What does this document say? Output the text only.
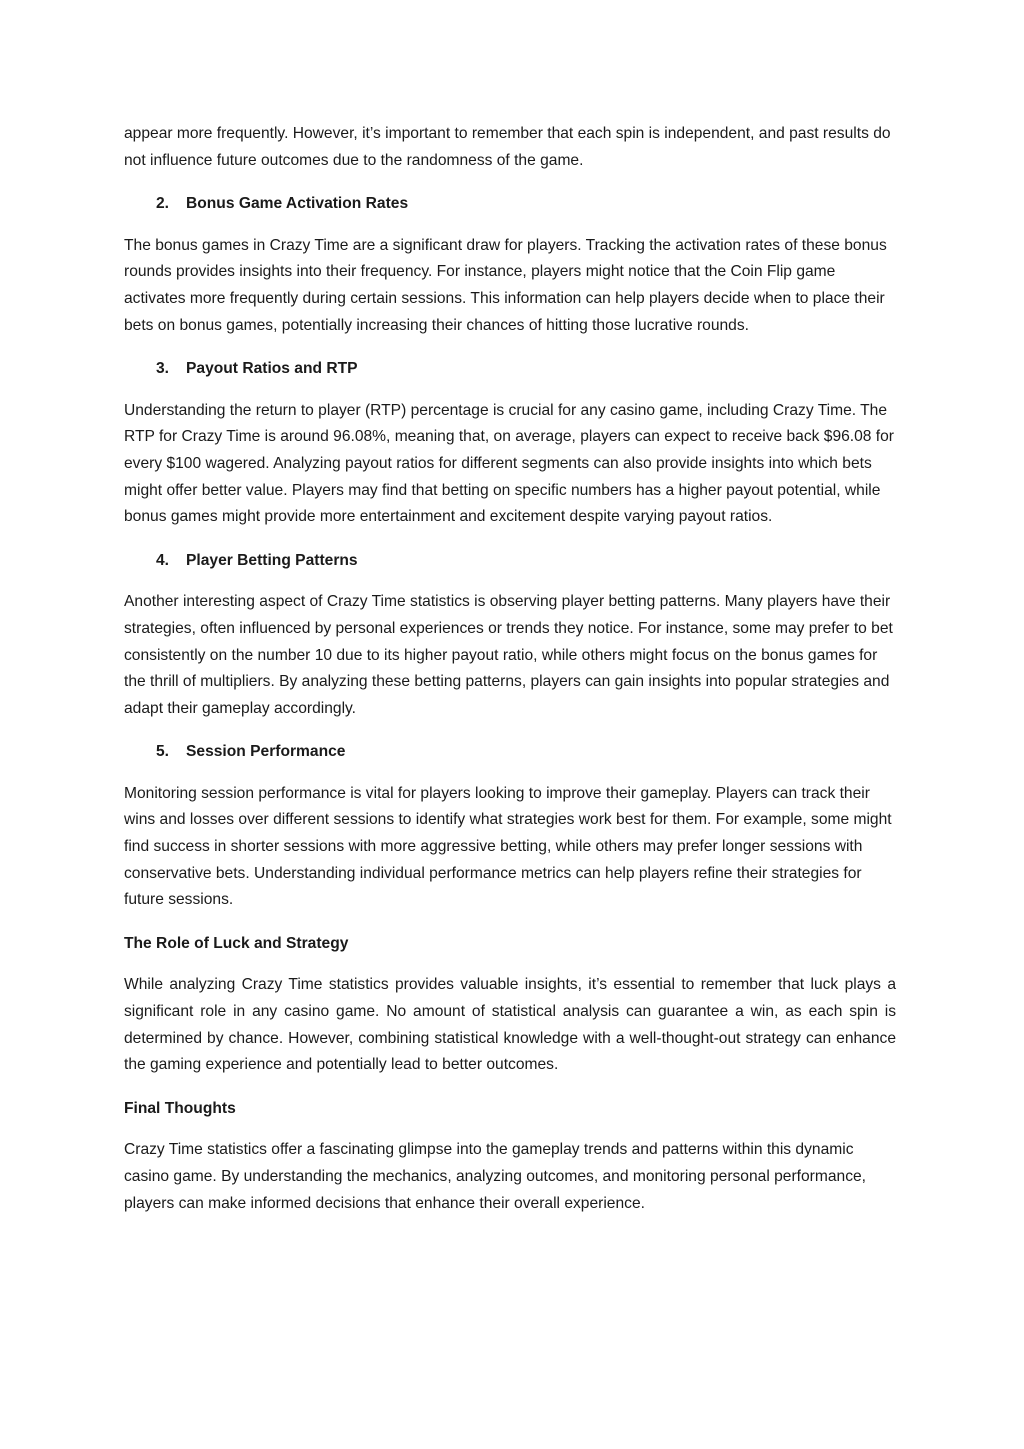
appear more frequently. However, it’s important to remember that each spin is independent, and past results do not influence future outcomes due to the randomness of the game.

2.	Bonus Game Activation Rates

The bonus games in Crazy Time are a significant draw for players. Tracking the activation rates of these bonus rounds provides insights into their frequency. For instance, players might notice that the Coin Flip game activates more frequently during certain sessions. This information can help players decide when to place their bets on bonus games, potentially increasing their chances of hitting those lucrative rounds.

3.	Payout Ratios and RTP

Understanding the return to player (RTP) percentage is crucial for any casino game, including Crazy Time. The RTP for Crazy Time is around 96.08%, meaning that, on average, players can expect to receive back $96.08 for every $100 wagered. Analyzing payout ratios for different segments can also provide insights into which bets might offer better value. Players may find that betting on specific numbers has a higher payout potential, while bonus games might provide more entertainment and excitement despite varying payout ratios.

4.	Player Betting Patterns

Another interesting aspect of Crazy Time statistics is observing player betting patterns. Many players have their strategies, often influenced by personal experiences or trends they notice. For instance, some may prefer to bet consistently on the number 10 due to its higher payout ratio, while others might focus on the bonus games for the thrill of multipliers. By analyzing these betting patterns, players can gain insights into popular strategies and adapt their gameplay accordingly.

5.	Session Performance

Monitoring session performance is vital for players looking to improve their gameplay. Players can track their wins and losses over different sessions to identify what strategies work best for them. For example, some might find success in shorter sessions with more aggressive betting, while others may prefer longer sessions with conservative bets. Understanding individual performance metrics can help players refine their strategies for future sessions.

The Role of Luck and Strategy

While analyzing Crazy Time statistics provides valuable insights, it’s essential to remember that luck plays a significant role in any casino game. No amount of statistical analysis can guarantee a win, as each spin is determined by chance. However, combining statistical knowledge with a well-thought-out strategy can enhance the gaming experience and potentially lead to better outcomes.

Final Thoughts

Crazy Time statistics offer a fascinating glimpse into the gameplay trends and patterns within this dynamic casino game. By understanding the mechanics, analyzing outcomes, and monitoring personal performance, players can make informed decisions that enhance their overall experience.
